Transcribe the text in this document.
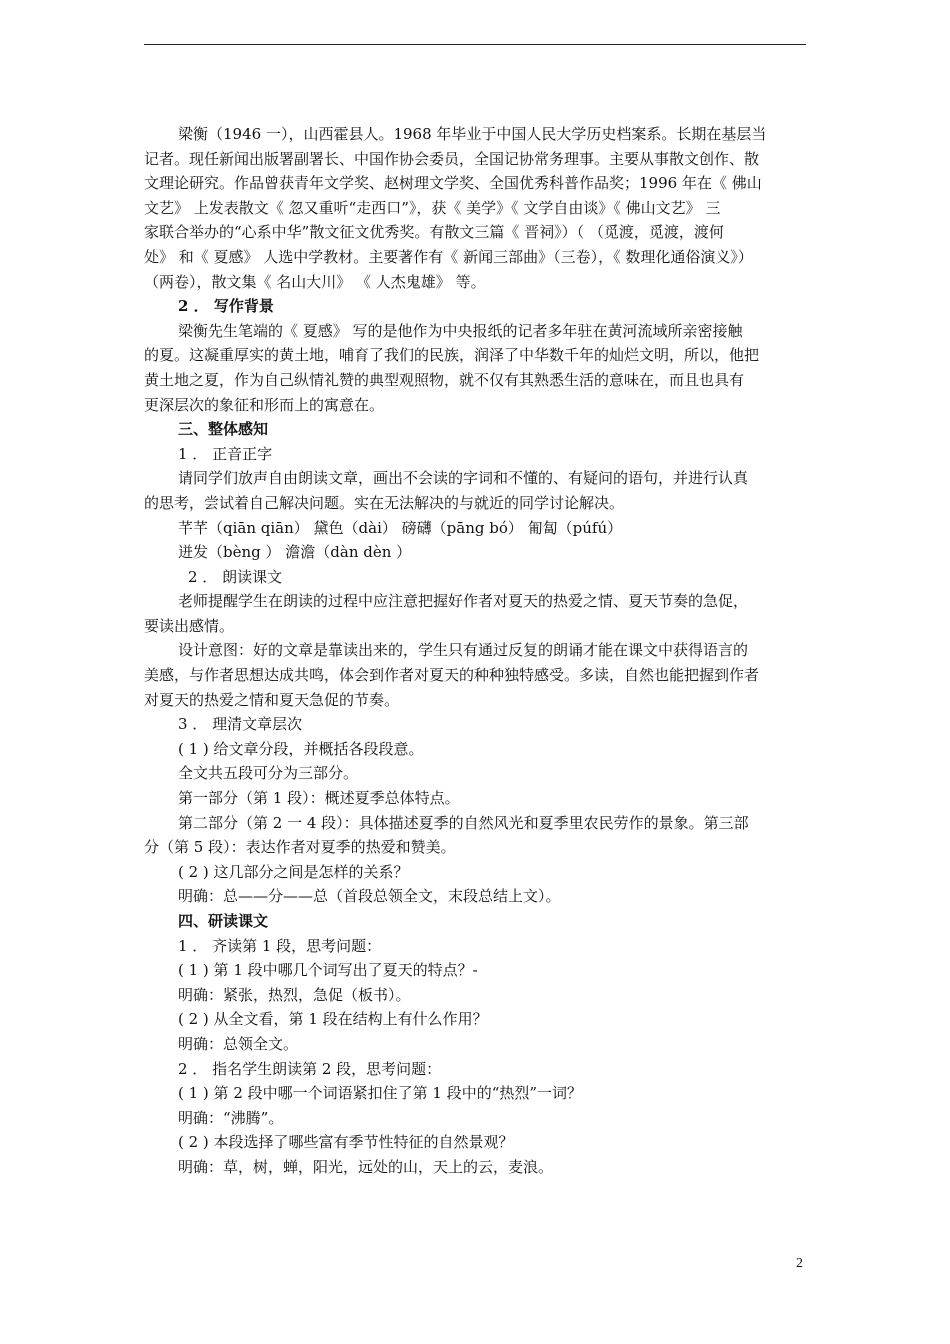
梁衡（1946 一），山西霍县人。1968 年毕业于中国人民大学历史档案系。长期在基层当
记者。现任新闻出版署副署长、中国作协会委员，全国记协常务理事。主要从事散文创作、散
文理论研究。作品曾获青年文学奖、赵树理文学奖、全国优秀科普作品奖；1996 年在《 佛山
文艺》 上发表散文《 忽又重听“走西口”》，获《 美学》《 文学自由谈》《 佛山文艺》 三
家联合举办的“心系中华”散文征文优秀奖。有散文三篇《 晋祠》）（ （觅渡，觅渡，渡何
处》 和《 夏感》 人选中学教材。主要著作有《 新闻三部曲》（三卷），《 数理化通俗演义》）
（两卷），散文集《 名山大川》 《 人杰鬼雄》 等。
2 ． 写作背景
梁衡先生笔端的《 夏感》 写的是他作为中央报纸的记者多年驻在黄河流域所亲密接触
的夏。这凝重厚实的黄土地，哺育了我们的民族，润泽了中华数千年的灿烂文明，所以，他把
黄土地之夏，作为自己纵情礼赞的典型观照物，就不仅有其熟悉生活的意味在，而且也具有
更深层次的象征和形而上的寓意在。
三、整体感知
1 ． 正音正字
请同学们放声自由朗读文章，画出不会读的字词和不懂的、有疑问的语句，并进行认真
的思考，尝试着自己解决问题。实在无法解决的与就近的同学讨论解决。
芊芊（qiān qiān） 黛色（dài） 磅礴（pāng bó） 匍匐（púfú）
迸发（bèng ） 澹澹（dàn dèn ）
2 ． 朗读课文
老师提醒学生在朗读的过程中应注意把握好作者对夏天的热爱之情、夏天节奏的急促，
要读出感情。
设计意图：好的文章是靠读出来的，学生只有通过反复的朗诵才能在课文中获得语言的
美感，与作者思想达成共鸣，体会到作者对夏天的种种独特感受。多读，自然也能把握到作者
对夏天的热爱之情和夏天急促的节奏。
3 ． 理清文章层次
( 1 ) 给文章分段，并概括各段段意。
全文共五段可分为三部分。
第一部分（第 1 段）：概述夏季总体特点。
第二部分（第 2 一 4 段）：具体描述夏季的自然风光和夏季里农民劳作的景象。第三部
分（第 5 段）：表达作者对夏季的热爱和赞美。
( 2 ) 这几部分之间是怎样的关系？
明确：总——分——总（首段总领全文，末段总结上文）。
四、研读课文
1 ． 齐读第 1 段，思考问题：
( 1 ) 第 1 段中哪几个词写出了夏天的特点？-
明确：紧张，热烈，急促（板书）。
( 2 ) 从全文看，第 1 段在结构上有什么作用？
明确：总领全文。
2 ． 指名学生朗读第 2 段，思考问题：
( 1 ) 第 2 段中哪一个词语紧扣住了第 1 段中的“热烈”一词？
明确：“沸腾”。
( 2 ) 本段选择了哪些富有季节性特征的自然景观？
明确：草，树，蝉，阳光，远处的山，天上的云，麦浪。
2
